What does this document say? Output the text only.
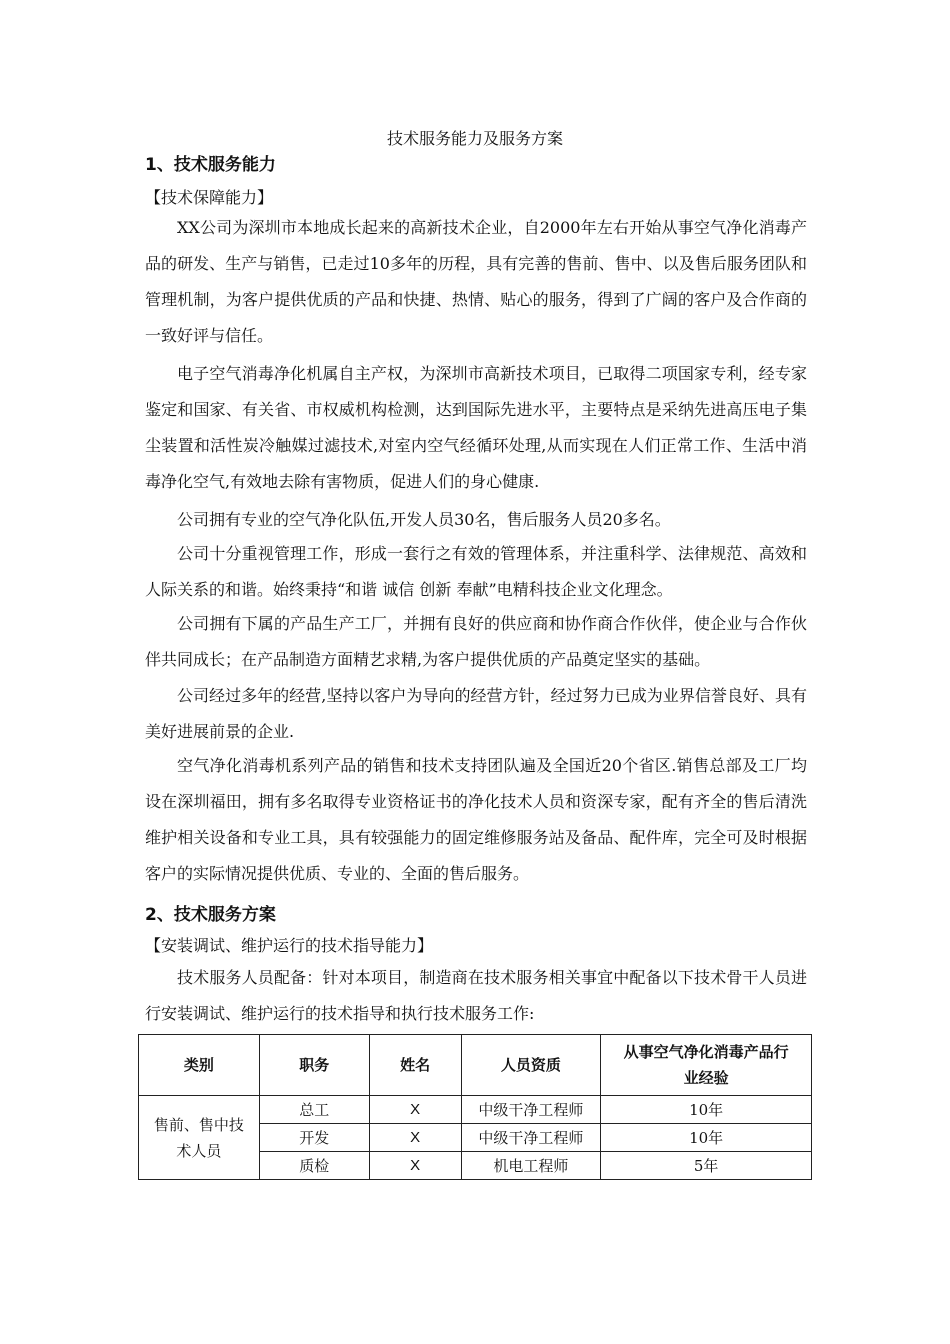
技术服务能力及服务方案
1、技术服务能力
【技术保障能力】

XX公司为深圳市本地成长起来的高新技术企业，自2000年左右开始从事空气净化消毒产品的研发、生产与销售，已走过10多年的历程，具有完善的售前、售中、以及售后服务团队和管理机制，为客户提供优质的产品和快捷、热情、贴心的服务，得到了广阔的客户及合作商的一致好评与信任。

电子空气消毒净化机属自主产权，为深圳市高新技术项目，已取得二项国家专利，经专家鉴定和国家、有关省、市权威机构检测，达到国际先进水平，主要特点是采纳先进高压电子集尘装置和活性炭冷触媒过滤技术,对室内空气经循环处理,从而实现在人们正常工作、生活中消毒净化空气,有效地去除有害物质，促进人们的身心健康.

公司拥有专业的空气净化队伍,开发人员30名，售后服务人员20多名。

公司十分重视管理工作，形成一套行之有效的管理体系，并注重科学、法律规范、高效和人际关系的和谐。始终秉持“和谐 诚信 创新 奉献”电精科技企业文化理念。

公司拥有下属的产品生产工厂，并拥有良好的供应商和协作商合作伙伴，使企业与合作伙伴共同成长；在产品制造方面精艺求精,为客户提供优质的产品奠定坚实的基础。

公司经过多年的经营,坚持以客户为导向的经营方针，经过努力已成为业界信誉良好、具有美好进展前景的企业.

空气净化消毒机系列产品的销售和技术支持团队遍及全国近20个省区.销售总部及工厂均设在深圳福田，拥有多名取得专业资格证书的净化技术人员和资深专家，配有齐全的售后清洗维护相关设备和专业工具，具有较强能力的固定维修服务站及备品、配件库，完全可及时根据客户的实际情况提供优质、专业的、全面的售后服务。

2、技术服务方案
【安装调试、维护运行的技术指导能力】

技术服务人员配备：针对本项目，制造商在技术服务相关事宜中配备以下技术骨干人员进行安装调试、维护运行的技术指导和执行技术服务工作:

类别	职务	姓名	人员资质	从事空气净化消毒产品行业经验
售前、售中技术人员	总工	X	中级干净工程师	10年
	开发	X	中级干净工程师	10年
	质检	X	机电工程师	5年
